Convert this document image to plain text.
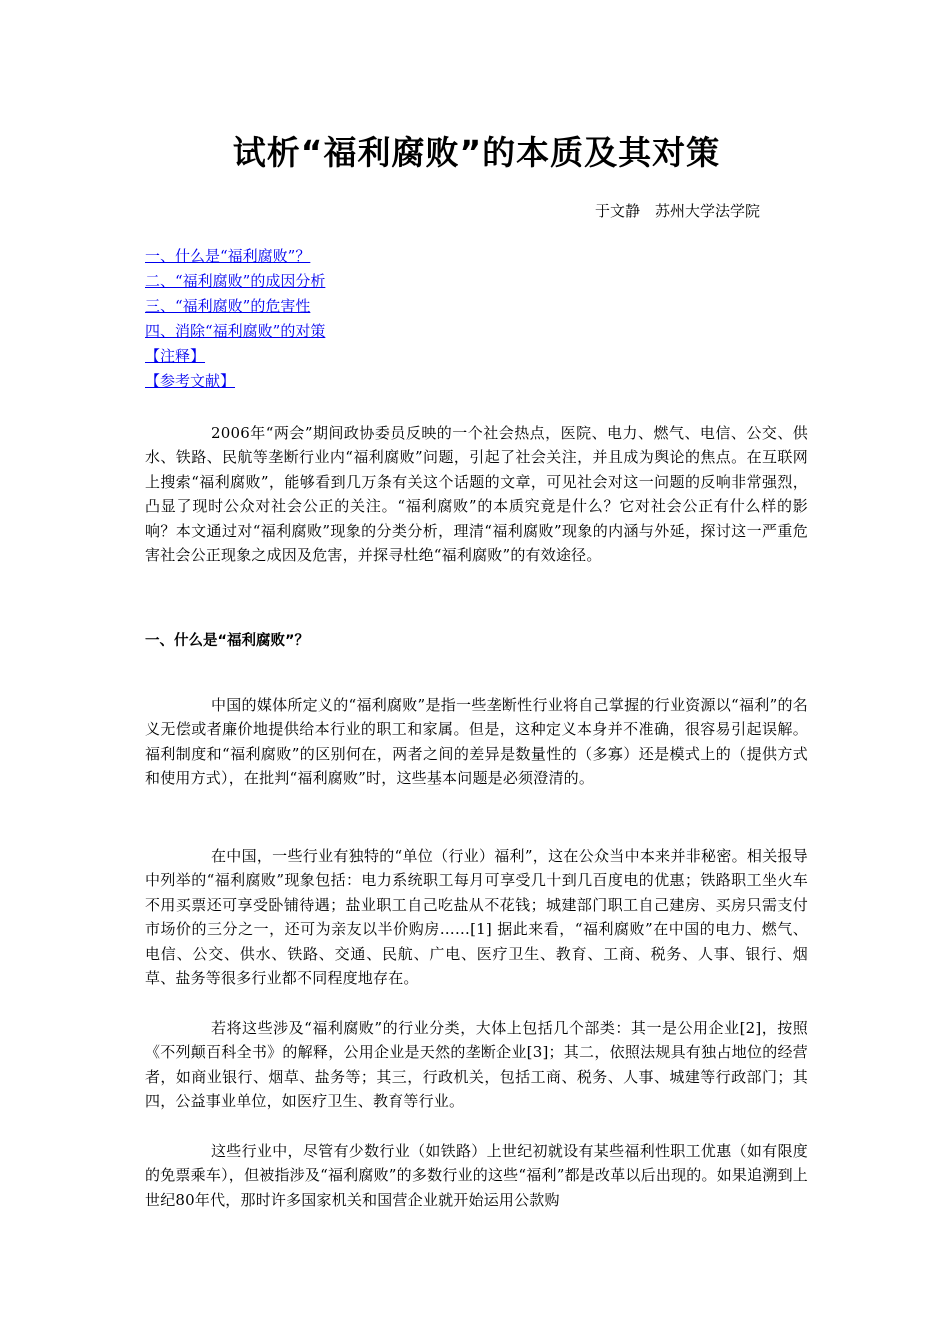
试析“福利腐败”的本质及其对策
于文静　苏州大学法学院
一、什么是“福利腐败”？
二、“福利腐败”的成因分析
三、“福利腐败”的危害性
四、消除“福利腐败”的对策
【注释】
【参考文献】

2006年“两会”期间政协委员反映的一个社会热点，医院、电力、燃气、电信、公交、供水、铁路、民航等垄断行业内“福利腐败”问题，引起了社会关注，并且成为舆论的焦点。在互联网上搜索“福利腐败”，能够看到几万条有关这个话题的文章，可见社会对这一问题的反响非常强烈，凸显了现时公众对社会公正的关注。“福利腐败”的本质究竟是什么？它对社会公正有什么样的影响？本文通过对“福利腐败”现象的分类分析，理清“福利腐败”现象的内涵与外延，探讨这一严重危害社会公正现象之成因及危害，并探寻杜绝“福利腐败”的有效途径。

一、什么是“福利腐败”？

中国的媒体所定义的“福利腐败”是指一些垄断性行业将自己掌握的行业资源以“福利”的名义无偿或者廉价地提供给本行业的职工和家属。但是，这种定义本身并不准确，很容易引起误解。福利制度和“福利腐败”的区别何在，两者之间的差异是数量性的（多寡）还是模式上的（提供方式和使用方式），在批判“福利腐败”时，这些基本问题是必须澄清的。

在中国，一些行业有独特的“单位（行业）福利”，这在公众当中本来并非秘密。相关报导中列举的“福利腐败”现象包括：电力系统职工每月可享受几十到几百度电的优惠；铁路职工坐火车不用买票还可享受卧铺待遇；盐业职工自己吃盐从不花钱；城建部门职工自己建房、买房只需支付市场价的三分之一，还可为亲友以半价购房……[1] 据此来看，“福利腐败”在中国的电力、燃气、电信、公交、供水、铁路、交通、民航、广电、医疗卫生、教育、工商、税务、人事、银行、烟草、盐务等很多行业都不同程度地存在。

若将这些涉及“福利腐败”的行业分类，大体上包括几个部类：其一是公用企业[2]，按照《不列颠百科全书》的解释，公用企业是天然的垄断企业[3]；其二，依照法规具有独占地位的经营者，如商业银行、烟草、盐务等；其三，行政机关，包括工商、税务、人事、城建等行政部门；其四，公益事业单位，如医疗卫生、教育等行业。

这些行业中，尽管有少数行业（如铁路）上世纪初就设有某些福利性职工优惠（如有限度的免票乘车），但被指涉及“福利腐败”的多数行业的这些“福利”都是改革以后出现的。如果追溯到上世纪80年代，那时许多国家机关和国营企业就开始运用公款购
